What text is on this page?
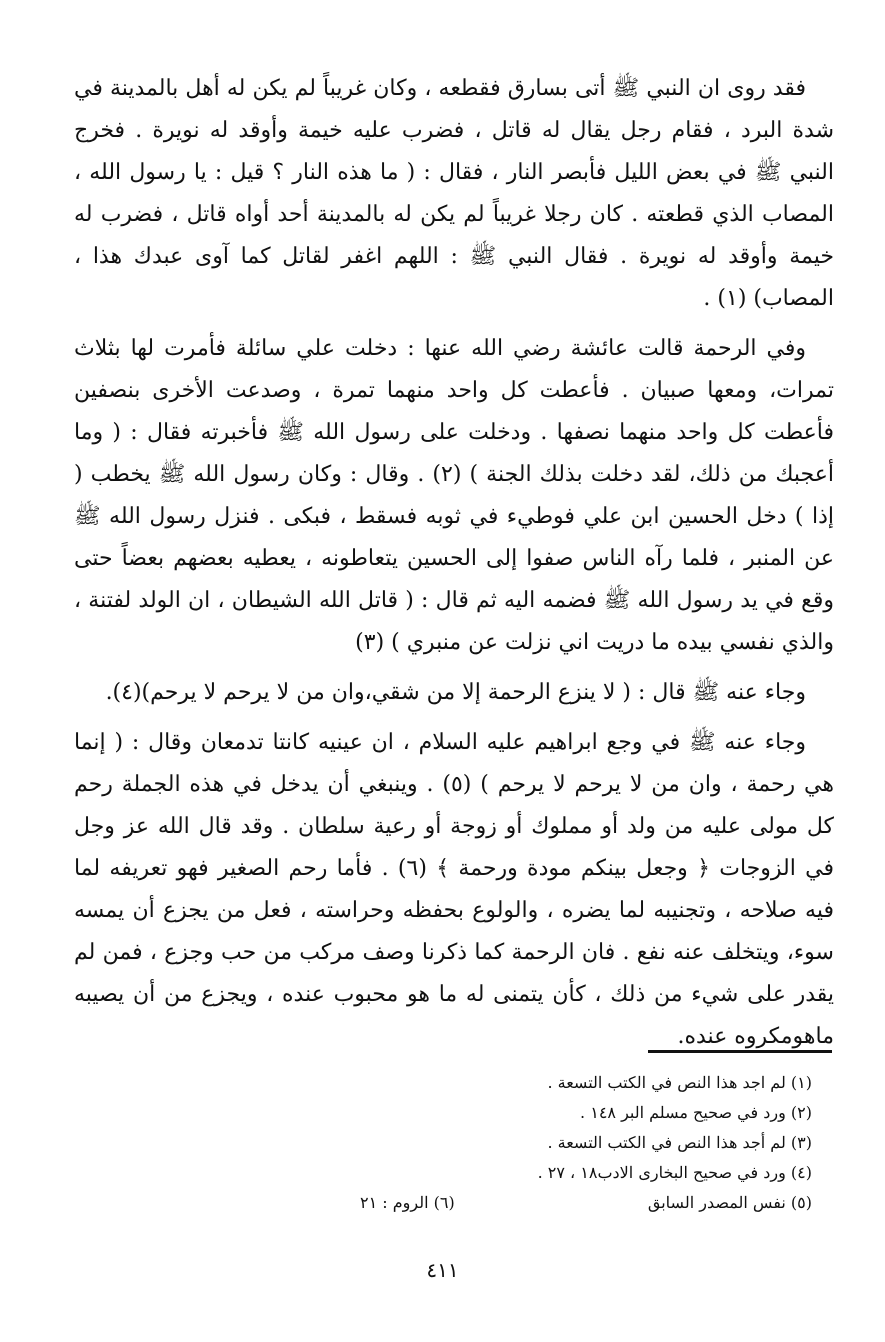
فقد روى ان النبي ﷺ أتى بسارق فقطعه ، وكان غريباً لم يكن له أهل بالمدينة في شدة البرد ، فقام رجل يقال له قاتل ، فضرب عليه خيمة وأوقد له نويرة . فخرج النبي ﷺ في بعض الليل فأبصر النار ، فقال : ( ما هذه النار ؟ قيل : يا رسول الله ، المصاب الذي قطعته . كان رجلا غريباً لم يكن له بالمدينة أحد أواه قاتل ، فضرب له خيمة وأوقد له نويرة . فقال النبي ﷺ : اللهم اغفر لقاتل كما آوى عبدك هذا ، المصاب) (١) .

وفي الرحمة قالت عائشة رضي الله عنها : دخلت علي سائلة فأمرت لها بثلاث تمرات، ومعها صبيان . فأعطت كل واحد منهما تمرة ، وصدعت الأخرى بنصفين فأعطت كل واحد منهما نصفها . ودخلت على رسول الله ﷺ فأخبرته فقال : ( وما أعجبك من ذلك، لقد دخلت بذلك الجنة ) (٢) . وقال : وكان رسول الله ﷺ يخطب ( إذا ) دخل الحسين ابن علي فوطيء في ثوبه فسقط ، فبكى . فنزل رسول الله ﷺ عن المنبر ، فلما رآه الناس صفوا إلى الحسين يتعاطونه ، يعطيه بعضهم بعضاً حتى وقع في يد رسول الله ﷺ فضمه اليه ثم قال : ( قاتل الله الشيطان ، ان الولد لفتنة ، والذي نفسي بيده ما دريت اني نزلت عن منبري ) (٣)

وجاء عنه ﷺ قال : ( لا ينزع الرحمة إلا من شقي،وان من لا يرحم لا يرحم)(٤).

وجاء عنه ﷺ في وجع ابراهيم عليه السلام ، ان عينيه كانتا تدمعان وقال : ( إنما هي رحمة ، وان من لا يرحم لا يرحم ) (٥) . وينبغي أن يدخل في هذه الجملة رحم كل مولى عليه من ولد أو مملوك أو زوجة أو رعية سلطان . وقد قال الله عز وجل في الزوجات ﴿ وجعل بينكم مودة ورحمة ﴾ (٦) . فأما رحم الصغير فهو تعريفه لما فيه صلاحه ، وتجنيبه لما يضره ، والولوع بحفظه وحراسته ، فعل من يجزع أن يمسه سوء، ويتخلف عنه نفع . فان الرحمة كما ذكرنا وصف مركب من حب وجزع ، فمن لم يقدر على شيء من ذلك ، كأن يتمنى له ما هو محبوب عنده ، ويجزع من أن يصيبه ماهومكروه عنده.

(١) لم اجد هذا النص في الكتب التسعة .
(٢) ورد في صحيح مسلم البر ١٤٨ .
(٣) لم أجد هذا النص في الكتب التسعة .
(٤) ورد في صحيح البخارى الادب١٨ ، ٢٧ .
(٥) نفس المصدر السابق
(٦) الروم : ٢١
٤١١
